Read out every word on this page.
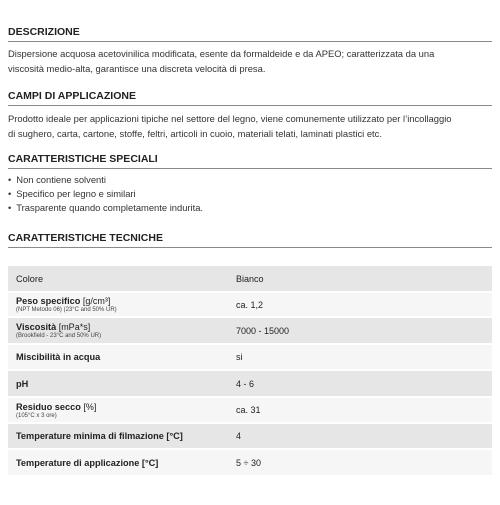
DESCRIZIONE
Dispersione acquosa acetovinilica modificata, esente da formaldeide e da APEO; caratterizzata da una
viscosità medio-alta, garantisce una discreta velocità di presa.
CAMPI DI APPLICAZIONE
Prodotto ideale per applicazioni tipiche nel settore del legno, viene comunemente utilizzato per l’incollaggio
di sughero, carta, cartone, stoffe, feltri, articoli in cuoio, materiali telati, laminati plastici etc.
CARATTERISTICHE SPECIALI
• Non contiene solventi
• Specifico per legno e similari
• Trasparente quando completamente indurita.
CARATTERISTICHE TECNICHE
Colore	Bianco
Peso specifico [g/cm³]
(NPT Metodo 06) (23°C and 50% UR)	ca. 1,2
Viscosità [mPa*s]
(Brookfield - 23°C and 50% UR)	7000 - 15000
Miscibilità in acqua	si
pH	4 - 6
Residuo secco [%]
(105°C x 3 ore)	ca. 31
Temperature minima di filmazione [°C]	4
Temperature di applicazione [°C]	5 ÷ 30
